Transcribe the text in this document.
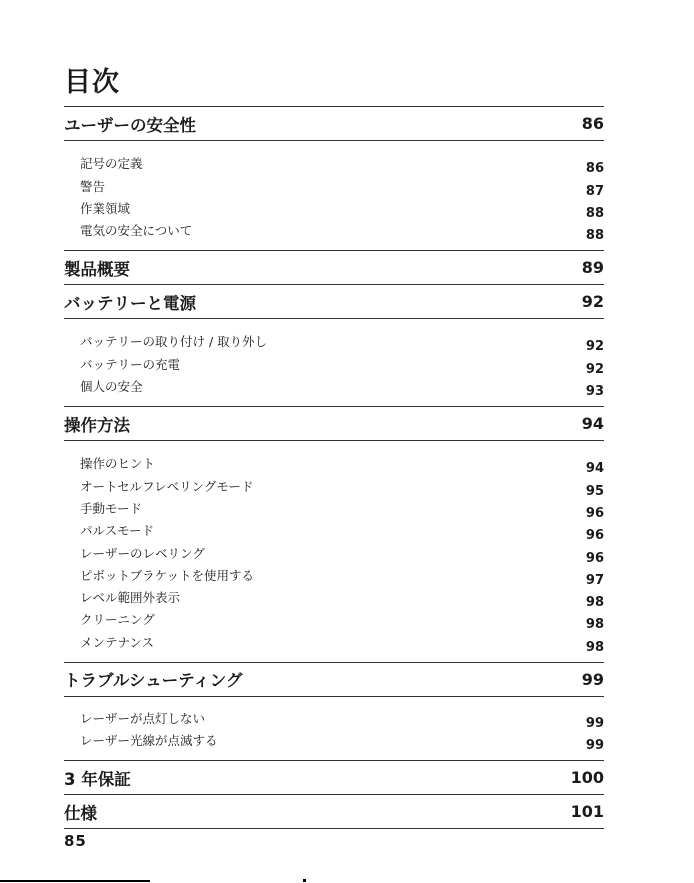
目次
ユーザーの安全性	86
記号の定義	86
警告	87
作業領域	88
電気の安全について	88
製品概要	89
バッテリーと電源	92
バッテリーの取り付け / 取り外し	92
バッテリーの充電	92
個人の安全	93
操作方法	94
操作のヒント	94
オートセルフレベリングモード	95
手動モード	96
パルスモード	96
レーザーのレベリング	96
ピボットブラケットを使用する	97
レベル範囲外表示	98
クリーニング	98
メンテナンス	98
トラブルシューティング	99
レーザーが点灯しない	99
レーザー光線が点滅する	99
3 年保証	100
仕様	101
85
